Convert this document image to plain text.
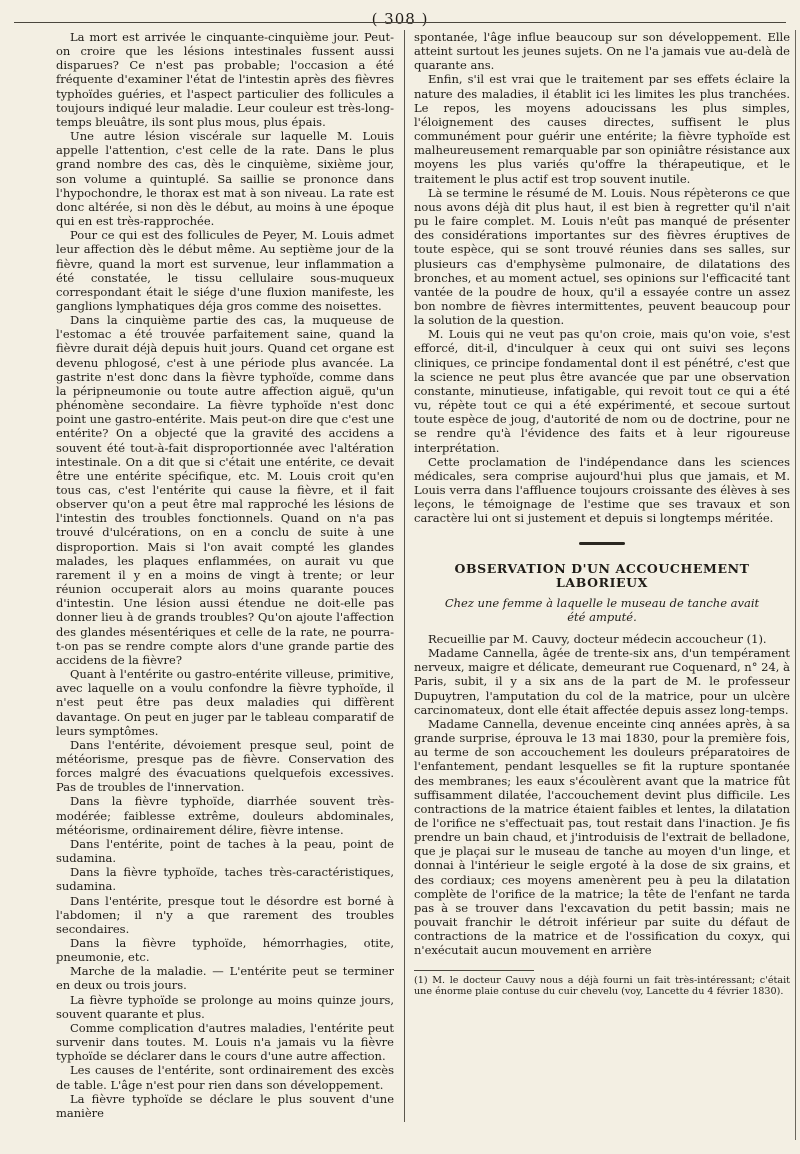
( 308 )

La mort est arrivée le cinquante-cinquième jour. Peut-on croire que les lésions intestinales fussent aussi disparues? Ce n'est pas probable; l'occasion a été fréquente d'examiner l'état de l'intestin après des fièvres typhoïdes guéries, et l'aspect particulier des follicules a toujours indiqué leur maladie. Leur couleur est très-long-temps bleuâtre, ils sont plus mous, plus épais.

Une autre lésion viscérale sur laquelle M. Louis appelle l'attention, c'est celle de la rate. Dans le plus grand nombre des cas, dès le cinquième, sixième jour, son volume a quintuplé. Sa saillie se prononce dans l'hypochondre, le thorax est mat à son niveau. La rate est donc altérée, si non dès le début, au moins à une époque qui en est très-rapprochée.

Pour ce qui est des follicules de Peyer, M. Louis admet leur affection dès le début même. Au septième jour de la fièvre, quand la mort est survenue, leur inflammation a été constatée, le tissu cellulaire sous-muqueux correspondant était le siége d'une fluxion manifeste, les ganglions lymphatiques déja gros comme des noisettes.

Dans la cinquième partie des cas, la muqueuse de l'estomac a été trouvée parfaitement saine, quand la fièvre durait déjà depuis huit jours. Quand cet organe est devenu phlogosé, c'est à une période plus avancée. La gastrite n'est donc dans la fièvre typhoïde, comme dans la péripneumonie ou toute autre affection aiguë, qu'un phénomène secondaire. La fièvre typhoïde n'est donc point une gastro-entérite. Mais peut-on dire que c'est une entérite? On a objecté que la gravité des accidens a souvent été tout-à-fait disproportionnée avec l'altération intestinale. On a dit que si c'était une entérite, ce devait être une entérite spécifique, etc. M. Louis croit qu'en tous cas, c'est l'entérite qui cause la fièvre, et il fait observer qu'on a peut être mal rapproché les lésions de l'intestin des troubles fonctionnels. Quand on n'a pas trouvé d'ulcérations, on en a conclu de suite à une disproportion. Mais si l'on avait compté les glandes malades, les plaques enflammées, on aurait vu que rarement il y en a moins de vingt à trente; or leur réunion occuperait alors au moins quarante pouces d'intestin. Une lésion aussi étendue ne doit-elle pas donner lieu à de grands troubles? Qu'on ajoute l'affection des glandes mésentériques et celle de la rate, ne pourra-t-on pas se rendre compte alors d'une grande partie des accidens de la fièvre?

Quant à l'entérite ou gastro-entérite villeuse, primitive, avec laquelle on a voulu confondre la fièvre typhoïde, il n'est peut être pas deux maladies qui diffèrent davantage. On peut en juger par le tableau comparatif de leurs symptômes.

Dans l'entérite, dévoiement presque seul, point de météorisme, presque pas de fièvre. Conservation des forces malgré des évacuations quelquefois excessives. Pas de troubles de l'innervation.

Dans la fièvre typhoïde, diarrhée souvent très-modérée; faiblesse extrême, douleurs abdominales, météorisme, ordinairement délire, fièvre intense.

Dans l'entérite, point de taches à la peau, point de sudamina.

Dans la fièvre typhoïde, taches très-caractéristiques, sudamina.

Dans l'entérite, presque tout le désordre est borné à l'abdomen; il n'y a que rarement des troubles secondaires.

Dans la fièvre typhoïde, hémorrhagies, otite, pneumonie, etc.

Marche de la maladie. — L'entérite peut se terminer en deux ou trois jours.

La fièvre typhoïde se prolonge au moins quinze jours, souvent quarante et plus.

Comme complication d'autres maladies, l'entérite peut survenir dans toutes. M. Louis n'a jamais vu la fièvre typhoïde se déclarer dans le cours d'une autre affection.

Les causes de l'entérite, sont ordinairement des excès de table. L'âge n'est pour rien dans son développement.

La fièvre typhoïde se déclare le plus souvent d'une manière

spontanée, l'âge influe beaucoup sur son développement. Elle atteint surtout les jeunes sujets. On ne l'a jamais vue au-delà de quarante ans.

Enfin, s'il est vrai que le traitement par ses effets éclaire la nature des maladies, il établit ici les limites les plus tranchées. Le repos, les moyens adoucissans les plus simples, l'éloignement des causes directes, suffisent le plus communément pour guérir une entérite; la fièvre typhoïde est malheureusement remarquable par son opiniâtre résistance aux moyens les plus variés qu'offre la thérapeutique, et le traitement le plus actif est trop souvent inutile.

Là se termine le résumé de M. Louis. Nous répèterons ce que nous avons déjà dit plus haut, il est bien à regretter qu'il n'ait pu le faire complet. M. Louis n'eût pas manqué de présenter des considérations importantes sur des fièvres éruptives de toute espèce, qui se sont trouvé réunies dans ses salles, sur plusieurs cas d'emphysème pulmonaire, de dilatations des bronches, et au moment actuel, ses opinions sur l'efficacité tant vantée de la poudre de houx, qu'il a essayée contre un assez bon nombre de fièvres intermittentes, peuvent beaucoup pour la solution de la question.

M. Louis qui ne veut pas qu'on croie, mais qu'on voie, s'est efforcé, dit-il, d'inculquer à ceux qui ont suivi ses leçons cliniques, ce principe fondamental dont il est pénétré, c'est que la science ne peut plus être avancée que par une observation constante, minutieuse, infatigable, qui revoit tout ce qui a été vu, répète tout ce qui a été expérimenté, et secoue surtout toute espèce de joug, d'autorité de nom ou de doctrine, pour ne se rendre qu'à l'évidence des faits et à leur rigoureuse interprétation.

Cette proclamation de l'indépendance dans les sciences médicales, sera comprise aujourd'hui plus que jamais, et M. Louis verra dans l'affluence toujours croissante des élèves à ses leçons, le témoignage de l'estime que ses travaux et son caractère lui ont si justement et depuis si longtemps méritée.

OBSERVATION D'UN ACCOUCHEMENT LABORIEUX
Chez une femme à laquelle le museau de tanche avait été amputé.

Recueillie par M. Cauvy, docteur médecin accoucheur (1).

Madame Cannella, âgée de trente-six ans, d'un tempérament nerveux, maigre et délicate, demeurant rue Coquenard, n° 24, à Paris, subit, il y a six ans de la part de M. le professeur Dupuytren, l'amputation du col de la matrice, pour un ulcère carcinomateux, dont elle était affectée depuis assez long-temps.

Madame Cannella, devenue enceinte cinq années après, à sa grande surprise, éprouva le 13 mai 1830, pour la première fois, au terme de son accouchement les douleurs préparatoires de l'enfantement, pendant lesquelles se fit la rupture spontanée des membranes; les eaux s'écoulèrent avant que la matrice fût suffisamment dilatée, l'accouchement devint plus difficile. Les contractions de la matrice étaient faibles et lentes, la dilatation de l'orifice ne s'effectuait pas, tout restait dans l'inaction. Je fis prendre un bain chaud, et j'introduisis de l'extrait de belladone, que je plaçai sur le museau de tanche au moyen d'un linge, et donnai à l'intérieur le seigle ergoté à la dose de six grains, et des cordiaux; ces moyens amenèrent peu à peu la dilatation complète de l'orifice de la matrice; la tête de l'enfant ne tarda pas à se trouver dans l'excavation du petit bassin; mais ne pouvait franchir le détroit inférieur par suite du défaut de contractions de la matrice et de l'ossification du coxyx, qui n'exécutait aucun mouvement en arrière

(1) M. le docteur Cauvy nous a déjà fourni un fait très-intéressant; c'était une énorme plaie contuse du cuir chevelu (voy, Lancette du 4 février 1830).
